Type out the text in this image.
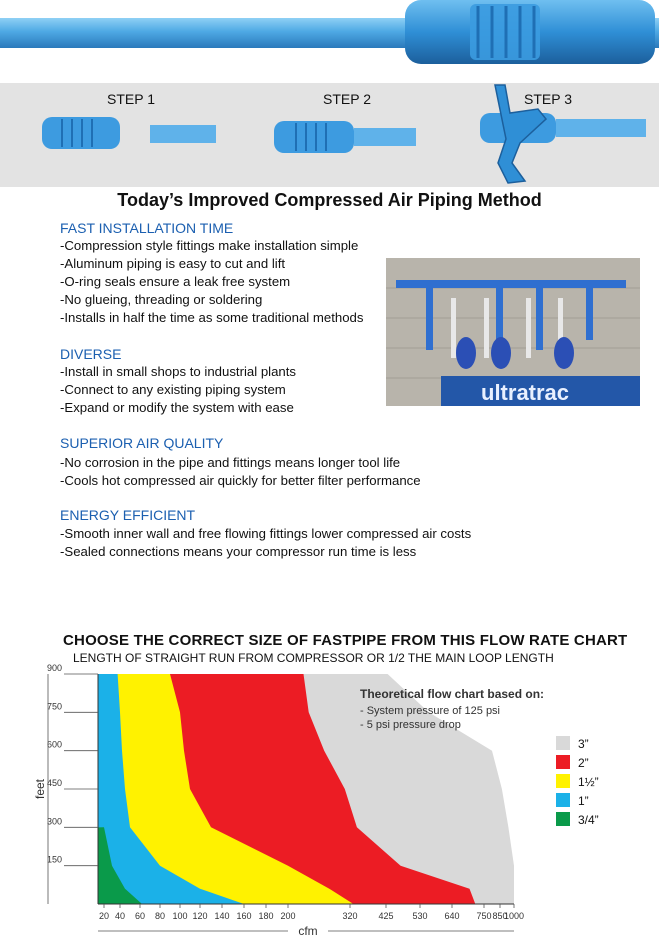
STEP 1	STEP 2	STEP 3
Today’s Improved Compressed Air Piping Method
FAST INSTALLATION TIME
-Compression style fittings make installation simple
-Aluminum piping is easy to cut and lift
-O-ring seals ensure a leak free system
-No glueing, threading or soldering
-Installs in half the time as some traditional methods
DIVERSE
-Install in small shops to industrial plants
-Connect to any existing piping system
-Expand or modify the system with ease
SUPERIOR AIR QUALITY
-No corrosion in the pipe and fittings means longer tool life
-Cools hot compressed air quickly for better filter performance
ENERGY EFFICIENT
-Smooth inner wall and free flowing fittings lower compressed air costs
-Sealed connections means your compressor run time is less
ultratrac
CHOOSE THE CORRECT SIZE OF FASTPIPE FROM THIS FLOW RATE CHART
LENGTH OF STRAIGHT RUN FROM COMPRESSOR OR 1/2 THE MAIN LOOP LENGTH
900
750
600
450
300
150
feet
20 40 60 80 100 120 140 160 180 200	320 425 530 640 750 850
1000
cfm
3”
2”
1½”
1”
3/4”
Theoretical flow chart based on:
- System pressure of 125 psi
- 5 psi pressure drop
